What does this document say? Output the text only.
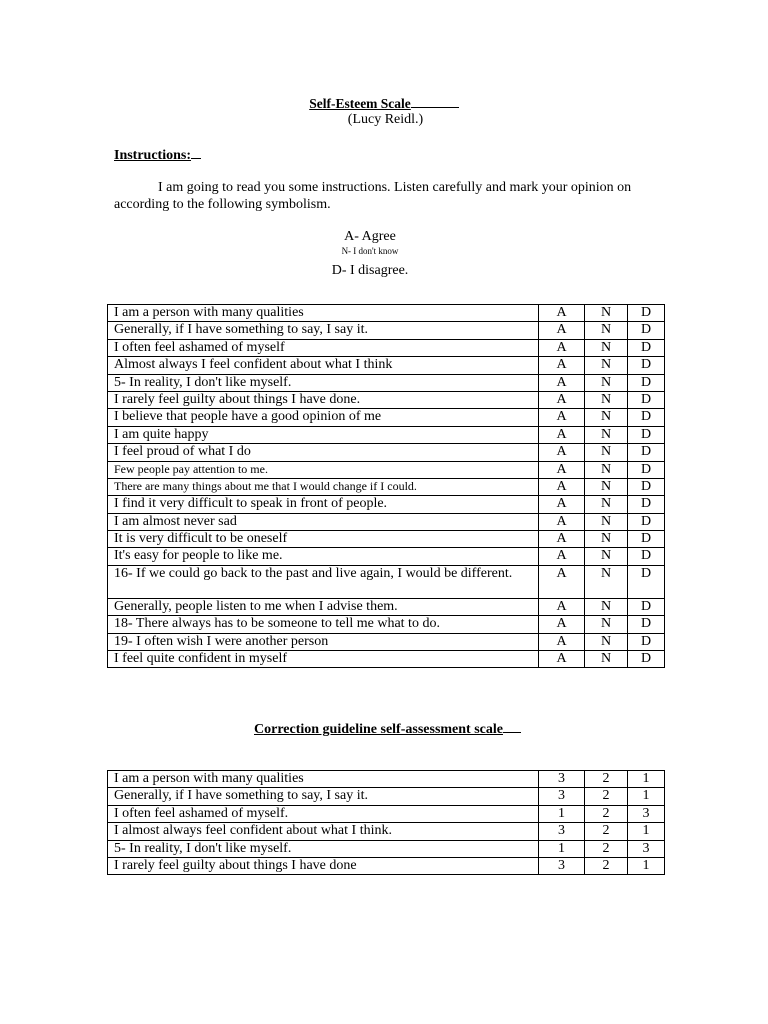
Self-Esteem Scale
(Lucy Reidl.)
Instructions:
I am going to read you some instructions. Listen carefully and mark your opinion on according to the following symbolism.
A- Agree
N- I don't know
D- I disagree.
I am a person with many qualities	A	N	D
Generally, if I have something to say, I say it.	A	N	D
I often feel ashamed of myself	A	N	D
Almost always I feel confident about what I think	A	N	D
5- In reality, I don't like myself.	A	N	D
I rarely feel guilty about things I have done.	A	N	D
I believe that people have a good opinion of me	A	N	D
I am quite happy	A	N	D
I feel proud of what I do	A	N	D
Few people pay attention to me.	A	N	D
There are many things about me that I would change if I could.	A	N	D
I find it very difficult to speak in front of people.	A	N	D
I am almost never sad	A	N	D
It is very difficult to be oneself	A	N	D
It's easy for people to like me.	A	N	D
16- If we could go back to the past and live again, I would be different.	A	N	D
Generally, people listen to me when I advise them.	A	N	D
18- There always has to be someone to tell me what to do.	A	N	D
19- I often wish I were another person	A	N	D
I feel quite confident in myself	A	N	D
Correction guideline self-assessment scale
I am a person with many qualities	3	2	1
Generally, if I have something to say, I say it.	3	2	1
I often feel ashamed of myself.	1	2	3
I almost always feel confident about what I think.	3	2	1
5- In reality, I don't like myself.	1	2	3
I rarely feel guilty about things I have done	3	2	1
